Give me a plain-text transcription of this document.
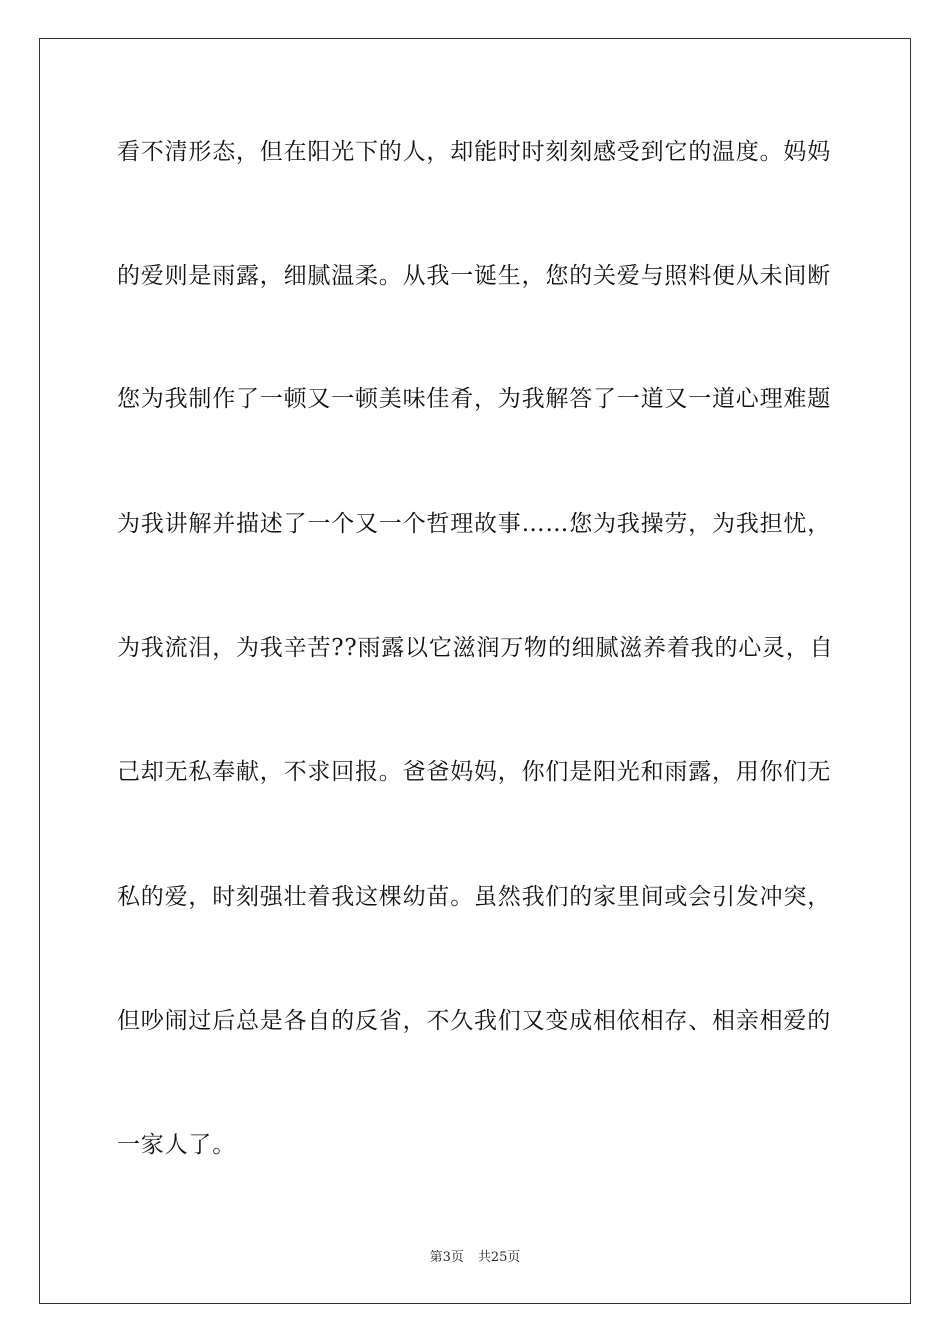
看不清形态，但在阳光下的人，却能时时刻刻感受到它的温度。妈妈
的爱则是雨露，细腻温柔。从我一诞生，您的关爱与照料便从未间断
您为我制作了一顿又一顿美味佳肴，为我解答了一道又一道心理难题
为我讲解并描述了一个又一个哲理故事……您为我操劳，为我担忧，
为我流泪，为我辛苦??雨露以它滋润万物的细腻滋养着我的心灵，自
己却无私奉献，不求回报。爸爸妈妈，你们是阳光和雨露，用你们无
私的爱，时刻强壮着我这棵幼苗。虽然我们的家里间或会引发冲突，
但吵闹过后总是各自的反省，不久我们又变成相依相存、相亲相爱的
一家人了。
第3页 共25页
